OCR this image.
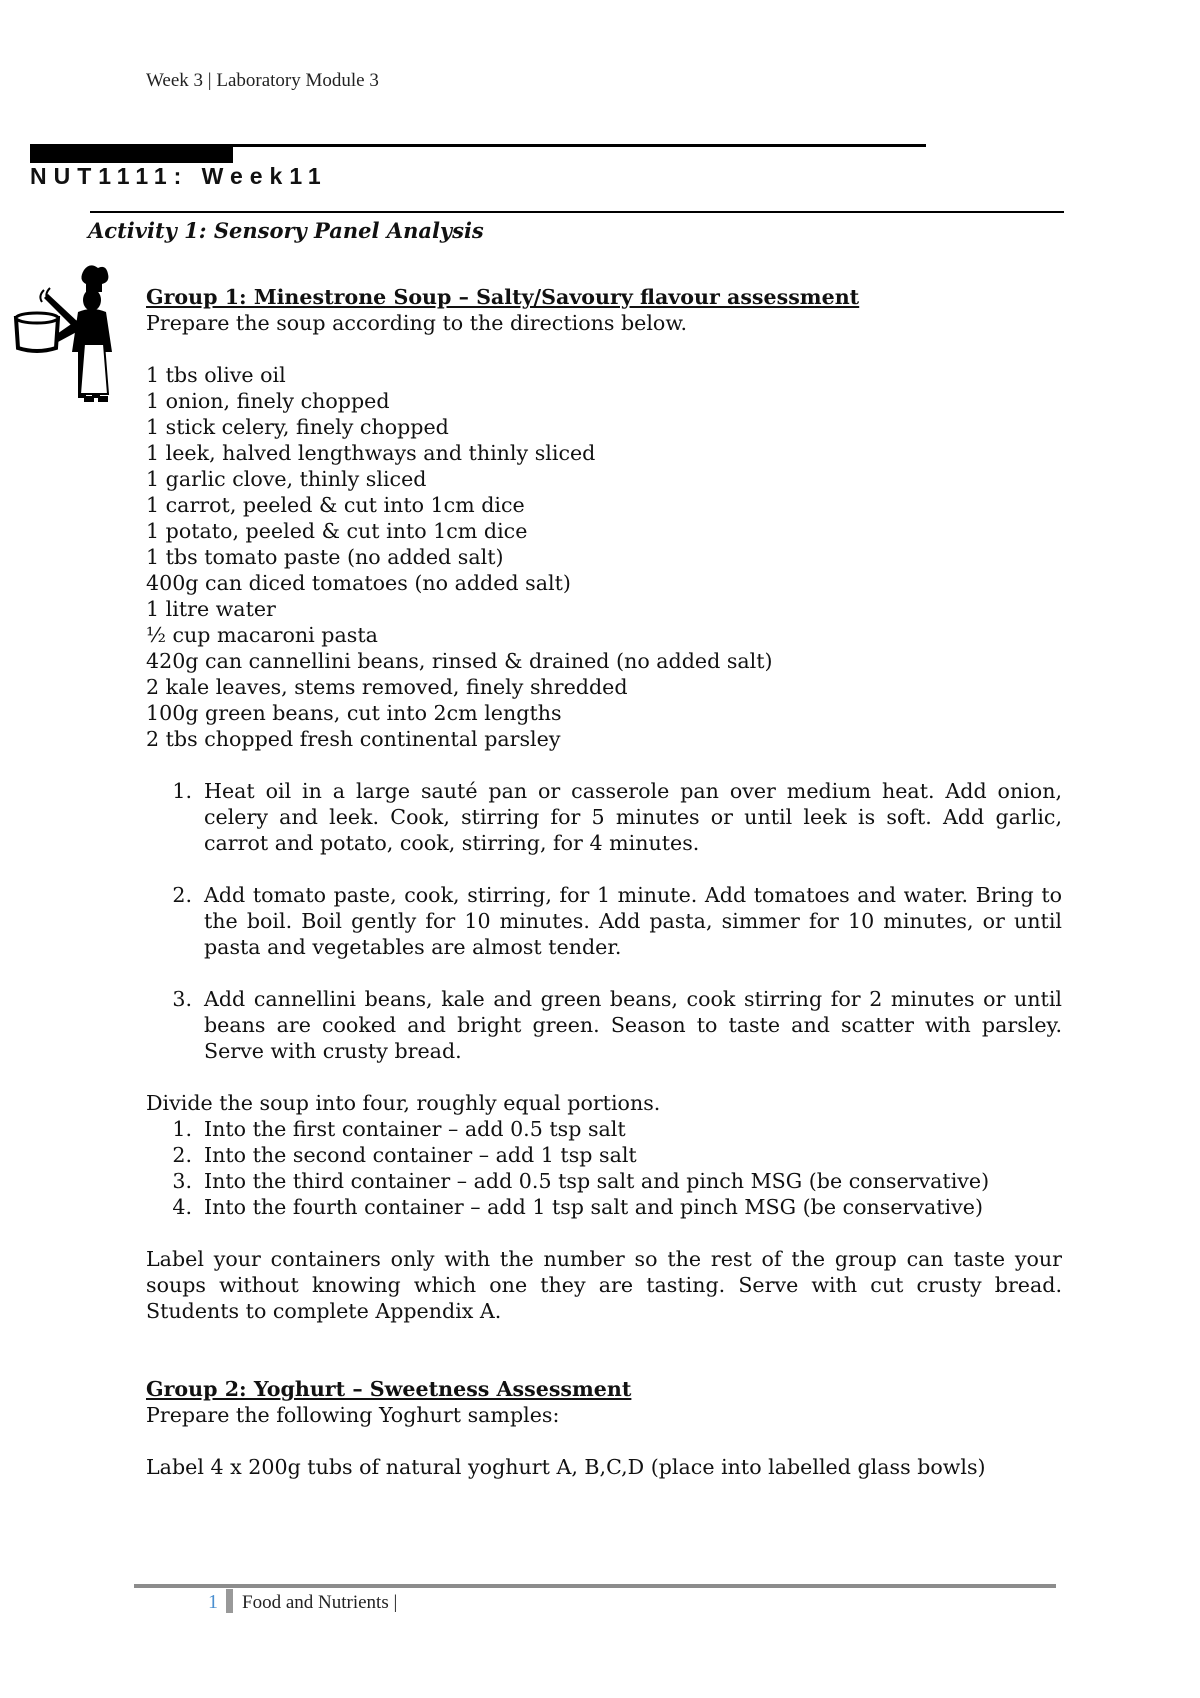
Week 3 | Laboratory Module 3
NUT1111: Week11
Activity 1: Sensory Panel Analysis

Group 1: Minestrone Soup – Salty/Savoury flavour assessment

Prepare the soup according to the directions below.

1 tbs olive oil

1 onion, finely chopped

1 stick celery, finely chopped

1 leek, halved lengthways and thinly sliced

1 garlic clove, thinly sliced

1 carrot, peeled & cut into 1cm dice

1 potato, peeled & cut into 1cm dice

1 tbs tomato paste (no added salt)

400g can diced tomatoes (no added salt)

1 litre water

½ cup macaroni pasta

420g can cannellini beans, rinsed & drained (no added salt)

2 kale leaves, stems removed, finely shredded

100g green beans, cut into 2cm lengths

2 tbs chopped fresh continental parsley

1. Heat oil in a large sauté pan or casserole pan over medium heat. Add onion, celery and leek. Cook, stirring for 5 minutes or until leek is soft. Add garlic, carrot and potato, cook, stirring, for 4 minutes.
2. Add tomato paste, cook, stirring, for 1 minute. Add tomatoes and water. Bring to the boil. Boil gently for 10 minutes. Add pasta, simmer for 10 minutes, or until pasta and vegetables are almost tender.
3. Add cannellini beans, kale and green beans, cook stirring for 2 minutes or until beans are cooked and bright green. Season to taste and scatter with parsley. Serve with crusty bread.

Divide the soup into four, roughly equal portions.

1. Into the first container – add 0.5 tsp salt
2. Into the second container – add 1 tsp salt
3. Into the third container – add 0.5 tsp salt and pinch MSG (be conservative)
4. Into the fourth container – add 1 tsp salt and pinch MSG (be conservative)

Label your containers only with the number so the rest of the group can taste your soups without knowing which one they are tasting. Serve with cut crusty bread. Students to complete Appendix A.

Group 2: Yoghurt – Sweetness Assessment

Prepare the following Yoghurt samples:

Label 4 x 200g tubs of natural yoghurt A, B,C,D (place into labelled glass bowls)

1 Food and Nutrients |
